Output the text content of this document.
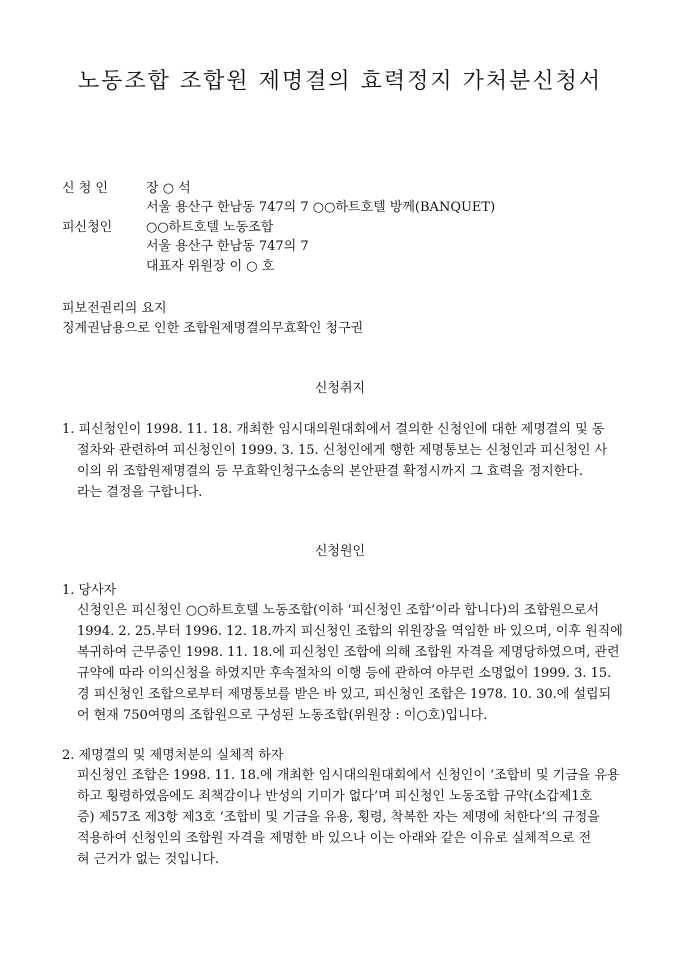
노동조합 조합원 제명결의 효력정지 가처분신청서
신 청 인	장 ○ 석
서울 용산구 한남동 747의 7 ○○하트호텔 방께(BANQUET)
피신청인	○○하트호텔 노동조합
서울 용산구 한남동 747의 7
대표자 위원장 이 ○ 호
피보전권리의 요지
징계권남용으로 인한 조합원제명결의무효확인 청구권
신청취지
1. 피신청인이 1998. 11. 18. 개최한 임시대의원대회에서 결의한 신청인에 대한 제명결의 및 동
절차와 관련하여 피신청인이 1999. 3. 15. 신청인에게 행한 제명통보는 신청인과 피신청인 사
이의 위 조합원제명결의 등 무효확인청구소송의 본안판결 확정시까지 그 효력을 정지한다.
라는 결정을 구합니다.
신청원인
1. 당사자
신청인은 피신청인 ○○하트호텔 노동조합(이하 ‘피신청인 조합’이라 합니다)의 조합원으로서
1994. 2. 25.부터 1996. 12. 18.까지 피신청인 조합의 위원장을 역임한 바 있으며, 이후 원직에
복귀하여 근무중인 1998. 11. 18.에 피신청인 조합에 의해 조합원 자격을 제명당하였으며, 관련
규약에 따라 이의신청을 하였지만 후속절차의 이행 등에 관하여 아무런 소명없이 1999. 3. 15.
경 피신청인 조합으로부터 제명통보를 받은 바 있고, 피신청인 조합은 1978. 10. 30.에 설립되
어 현재 750여명의 조합원으로 구성된 노동조합(위원장 : 이○호)입니다.
2. 제명결의 및 제명처분의 실체적 하자
피신청인 조합은 1998. 11. 18.에 개최한 임시대의원대회에서 신청인이 ‘조합비 및 기금을 유용
하고 횡령하였음에도 죄책감이나 반성의 기미가 없다’며 피신청인 노동조합 규약(소갑제1호
증) 제57조 제3항 제3호 ‘조합비 및 기금을 유용, 횡령, 착복한 자는 제명에 처한다’의 규정을
적용하여 신청인의 조합원 자격을 제명한 바 있으나 이는 아래와 같은 이유로 실체적으로 전
혀 근거가 없는 것입니다.
